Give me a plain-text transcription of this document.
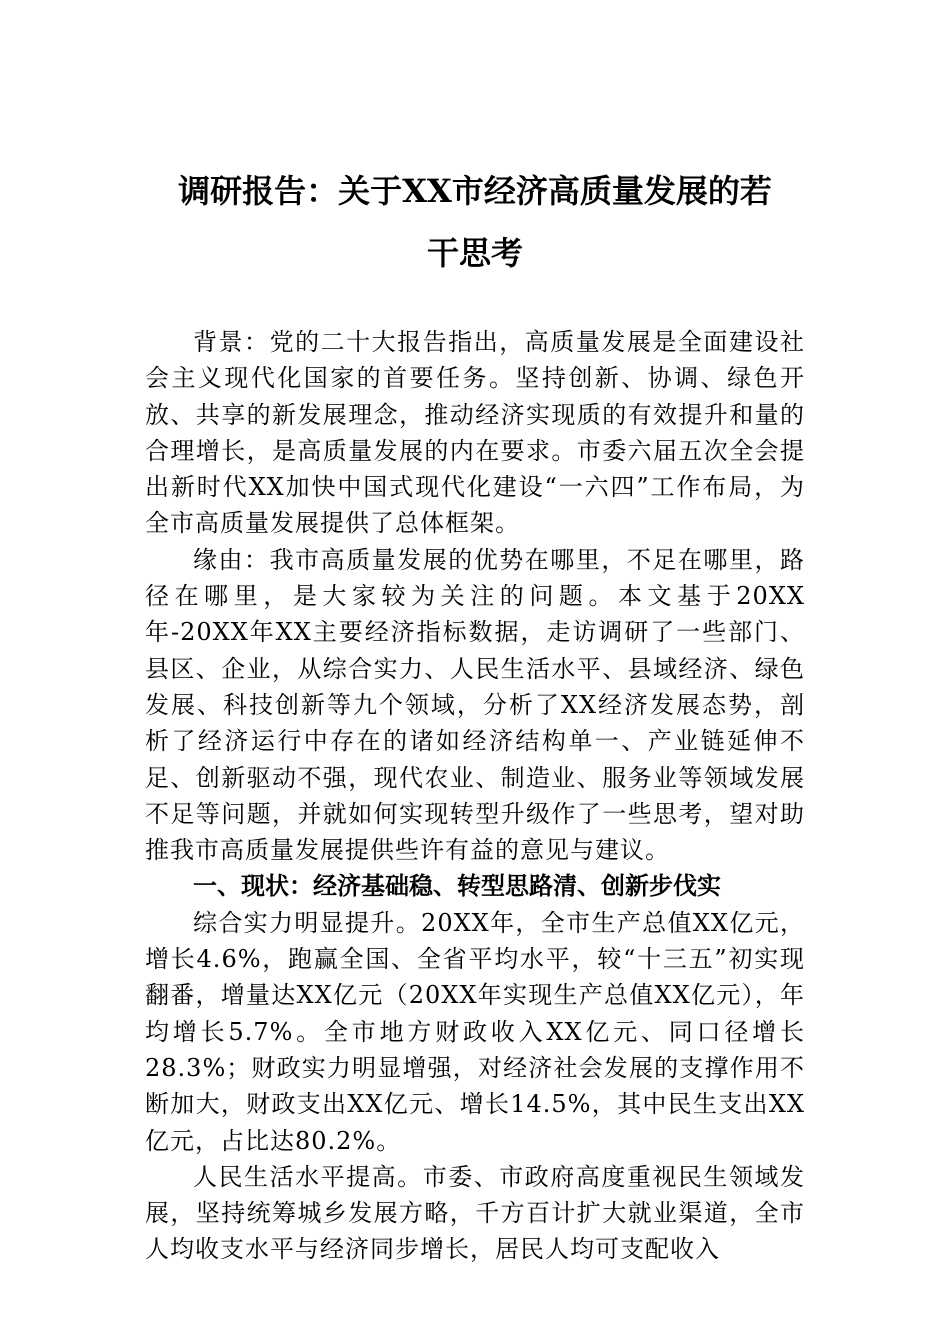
调研报告：关于XX市经济高质量发展的若
干思考

背景：党的二十大报告指出，高质量发展是全面建设社会主义现代化国家的首要任务。坚持创新、协调、绿色开放、共享的新发展理念，推动经济实现质的有效提升和量的合理增长，是高质量发展的内在要求。市委六届五次全会提出新时代XX加快中国式现代化建设“一六四”工作布局，为全市高质量发展提供了总体框架。

缘由：我市高质量发展的优势在哪里，不足在哪里，路径在哪里，是大家较为关注的问题。本文基于20XX年-20XX年XX主要经济指标数据，走访调研了一些部门、县区、企业，从综合实力、人民生活水平、县域经济、绿色发展、科技创新等九个领域，分析了XX经济发展态势，剖析了经济运行中存在的诸如经济结构单一、产业链延伸不足、创新驱动不强，现代农业、制造业、服务业等领域发展不足等问题，并就如何实现转型升级作了一些思考，望对助推我市高质量发展提供些许有益的意见与建议。

一、现状：经济基础稳、转型思路清、创新步伐实

综合实力明显提升。20XX年，全市生产总值XX亿元，增长4.6%，跑赢全国、全省平均水平，较“十三五”初实现翻番，增量达XX亿元（20XX年实现生产总值XX亿元），年均增长5.7%。全市地方财政收入XX亿元、同口径增长28.3%；财政实力明显增强，对经济社会发展的支撑作用不断加大，财政支出XX亿元、增长14.5%，其中民生支出XX亿元，占比达80.2%。

人民生活水平提高。市委、市政府高度重视民生领域发展，坚持统筹城乡发展方略，千方百计扩大就业渠道，全市人均收支水平与经济同步增长，居民人均可支配收入
